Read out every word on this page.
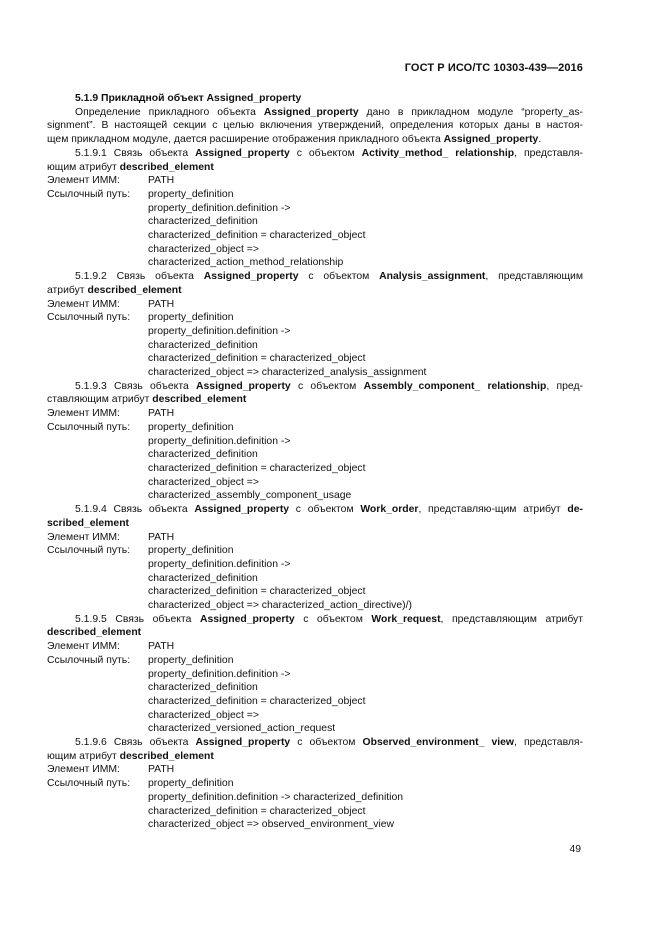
ГОСТ Р ИСО/ТС 10303-439—2016
5.1.9 Прикладной объект Assigned_property
Определение прикладного объекта Assigned_property дано в прикладном модуле “property_as-
signment”. В настоящей секции с целью включения утверждений, определения которых даны в настоя-
щем прикладном модуле, дается расширение отображения прикладного объекта Assigned_property.
5.1.9.1 Связь объекта Assigned_property с объектом Activity_method_ relationship, представля-
ющим атрибут described_element
Элемент ИММ:	PATH
Ссылочный путь:	property_definition
property_definition.definition ->
characterized_definition
characterized_definition = characterized_object
characterized_object =>
characterized_action_method_relationship
5.1.9.2 Связь объекта Assigned_property с объектом Analysis_assignment, представляющим
атрибут described_element
Элемент ИММ:	PATH
Ссылочный путь:	property_definition
property_definition.definition ->
characterized_definition
characterized_definition = characterized_object
characterized_object => characterized_analysis_assignment
5.1.9.3 Связь объекта Assigned_property с объектом Assembly_component_ relationship, пред-
ставляющим атрибут described_element
Элемент ИММ:	PATH
Ссылочный путь:	property_definition
property_definition.definition ->
characterized_definition
characterized_definition = characterized_object
characterized_object =>
characterized_assembly_component_usage
5.1.9.4 Связь объекта Assigned_property с объектом Work_order, представляю-щим атрибут de-
scribed_element
Элемент ИММ:	PATH
Ссылочный путь:	property_definition
property_definition.definition ->
characterized_definition
characterized_definition = characterized_object
characterized_object => characterized_action_directive)/)
5.1.9.5 Связь объекта Assigned_property с объектом Work_request, представляющим атрибут
described_element
Элемент ИММ:	PATH
Ссылочный путь:	property_definition
property_definition.definition ->
characterized_definition
characterized_definition = characterized_object
characterized_object =>
characterized_versioned_action_request
5.1.9.6 Связь объекта Assigned_property с объектом Observed_environment_ view, представля-
ющим атрибут described_element
Элемент ИММ:	PATH
Ссылочный путь:	property_definition
property_definition.definition -> characterized_definition
characterized_definition = characterized_object
characterized_object => observed_environment_view
49
